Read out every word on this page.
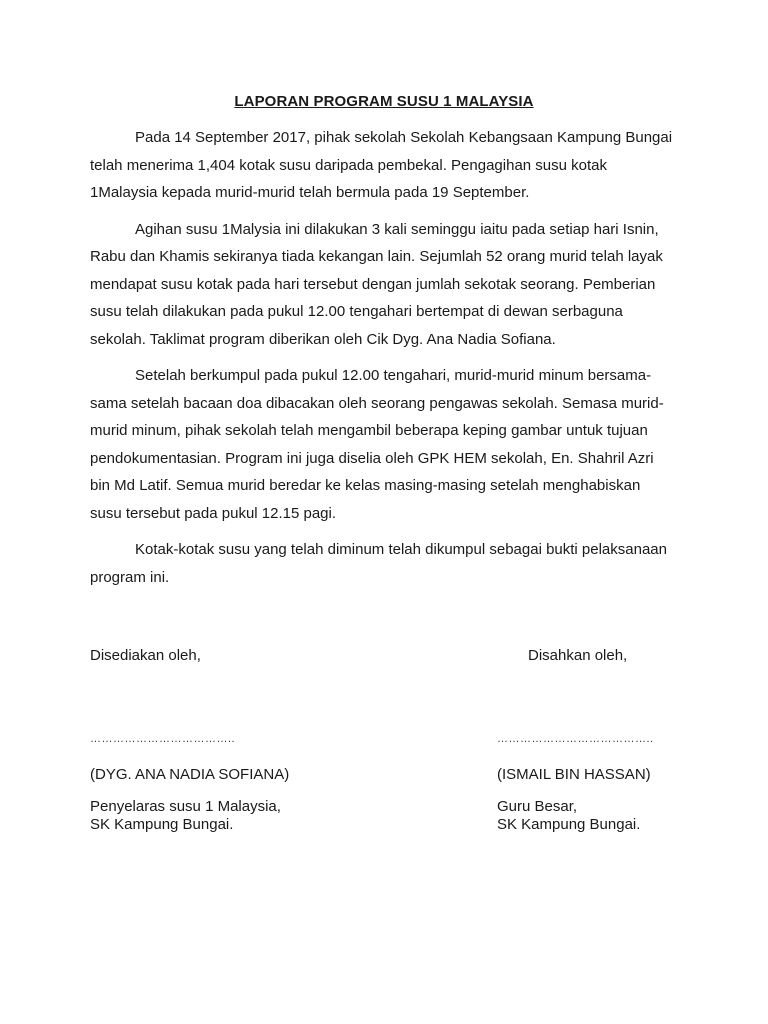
LAPORAN PROGRAM SUSU 1 MALAYSIA

Pada 14 September 2017, pihak sekolah Sekolah Kebangsaan Kampung Bungai
telah menerima 1,404 kotak susu daripada pembekal. Pengagihan susu kotak
1Malaysia kepada murid-murid telah bermula pada 19 September.

Agihan susu 1Malysia ini dilakukan 3 kali seminggu iaitu pada setiap hari Isnin,
Rabu dan Khamis sekiranya tiada kekangan lain. Sejumlah 52 orang murid telah layak
mendapat susu kotak pada hari tersebut dengan jumlah sekotak seorang. Pemberian
susu telah dilakukan pada pukul 12.00 tengahari bertempat di dewan serbaguna
sekolah. Taklimat program diberikan oleh Cik Dyg. Ana Nadia Sofiana.

Setelah berkumpul pada pukul 12.00 tengahari, murid-murid minum bersama-
sama setelah bacaan doa dibacakan oleh seorang pengawas sekolah. Semasa murid-
murid minum, pihak sekolah telah mengambil beberapa keping gambar untuk tujuan
pendokumentasian. Program ini juga diselia oleh GPK HEM sekolah, En. Shahril Azri
bin Md Latif. Semua murid beredar ke kelas masing-masing setelah menghabiskan
susu tersebut pada pukul 12.15 pagi.

Kotak-kotak susu yang telah diminum telah dikumpul sebagai bukti pelaksanaan
program ini.

Disediakan oleh,
………………………………..
(DYG. ANA NADIA SOFIANA)
Penyelaras susu 1 Malaysia,
SK Kampung Bungai.
Disahkan oleh,
…………………………………..
(ISMAIL BIN HASSAN)
Guru Besar,
SK Kampung Bungai.
